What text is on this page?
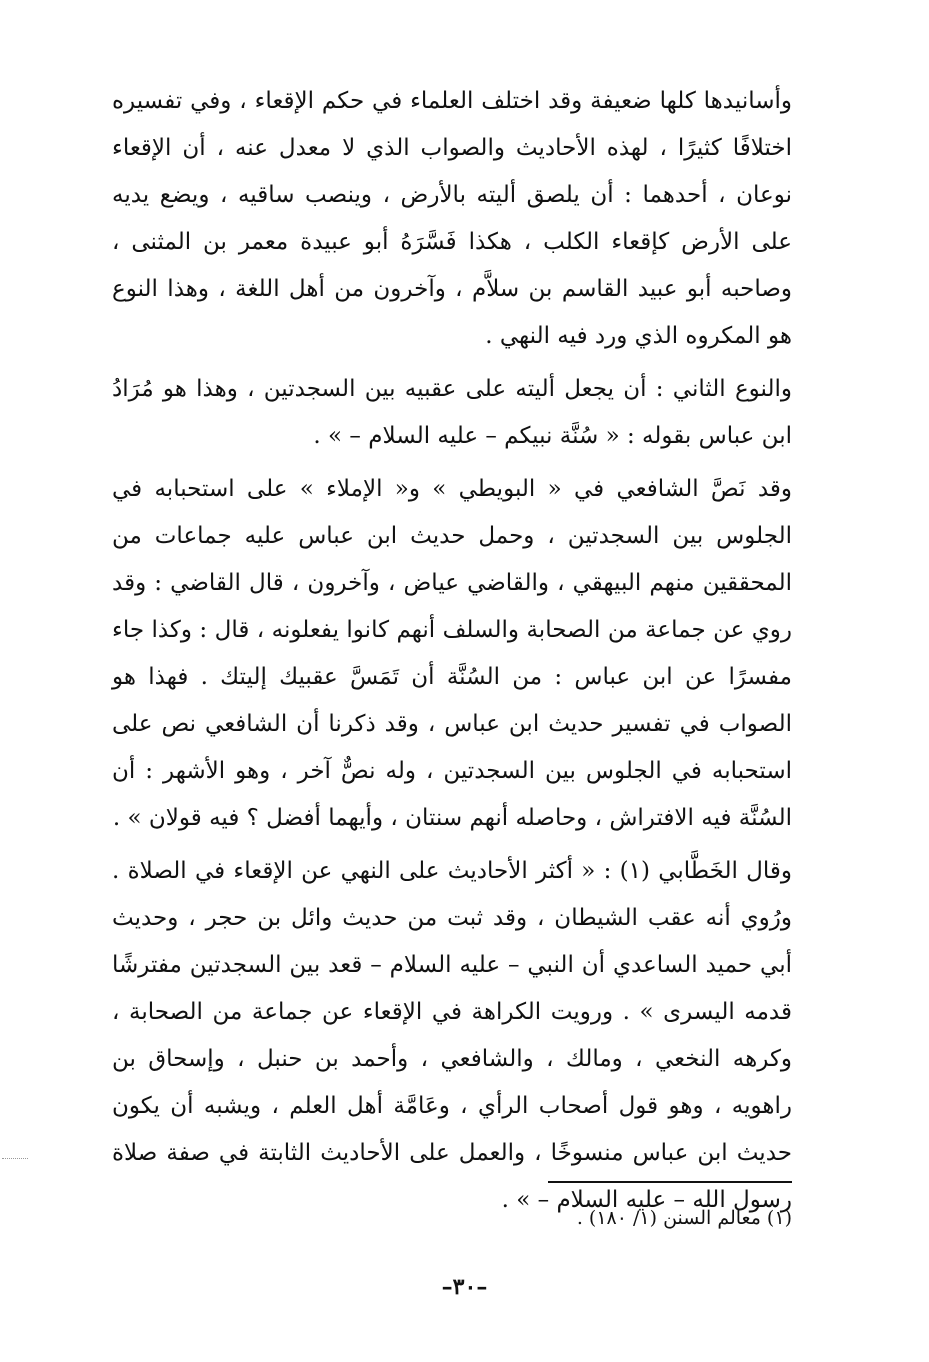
وأسانيدها كلها ضعيفة وقد اختلف العلماء في حكم الإقعاء ، وفي تفسيره اختلافًا كثيرًا ، لهذه الأحاديث والصواب الذي لا معدل عنه ، أن الإقعاء نوعان ، أحدهما : أن يلصق أليته بالأرض ، وينصب ساقيه ، ويضع يديه على الأرض كإقعاء الكلب ، هكذا فَسَّرَهُ أبو عبيدة معمر بن المثنى ، وصاحبه أبو عبيد القاسم بن سلاَّم ، وآخرون من أهل اللغة ، وهذا النوع هو المكروه الذي ورد فيه النهي .

والنوع الثاني : أن يجعل أليته على عقبيه بين السجدتين ، وهذا هو مُرَادُ ابن عباس بقوله : « سُنَّة نبيكم – عليه السلام – » .

وقد نَصَّ الشافعي في « البويطي » و« الإملاء » على استحبابه في الجلوس بين السجدتين ، وحمل حديث ابن عباس عليه جماعات من المحققين منهم البيهقي ، والقاضي عياض ، وآخرون ، قال القاضي : وقد روي عن جماعة من الصحابة والسلف أنهم كانوا يفعلونه ، قال : وكذا جاء مفسرًا عن ابن عباس : من السُنَّة أن تَمَسَّ عقبيك إليتك . فهذا هو الصواب في تفسير حديث ابن عباس ، وقد ذكرنا أن الشافعي نص على استحبابه في الجلوس بين السجدتين ، وله نصٌّ آخر ، وهو الأشهر : أن السُنَّة فيه الافتراش ، وحاصله أنهم سنتان ، وأيهما أفضل ؟ فيه قولان » .

وقال الخَطَّابي (١) : « أكثر الأحاديث على النهي عن الإقعاء في الصلاة . ورُوي أنه عقب الشيطان ، وقد ثبت من حديث وائل بن حجر ، وحديث أبي حميد الساعدي أن النبي – عليه السلام – قعد بين السجدتين مفترشًا قدمه اليسرى » . ورويت الكراهة في الإقعاء عن جماعة من الصحابة ، وكرهه النخعي ، ومالك ، والشافعي ، وأحمد بن حنبل ، وإسحاق بن راهويه ، وهو قول أصحاب الرأي ، وعَامَّة أهل العلم ، ويشبه أن يكون حديث ابن عباس منسوخًا ، والعمل على الأحاديث الثابتة في صفة صلاة رسول الله – عليه السلام – » .

(١) معالم السنن (١/ ١٨٠) .
–٣٠–
